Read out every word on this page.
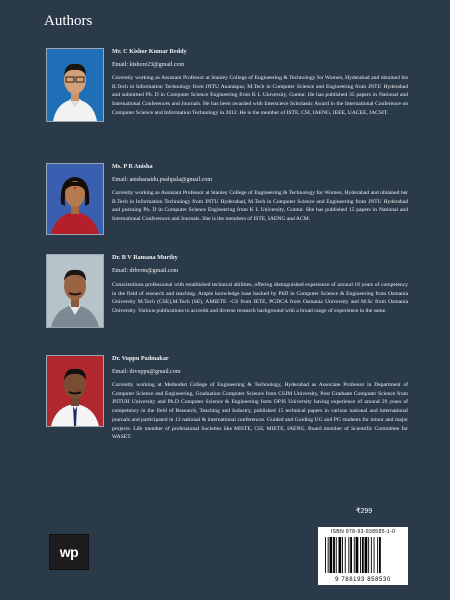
Authors
Mr. C Kishor Kumar Reddy
Email: kishore23@gmail.com

Currently working as Assistant Professor at Stanley College of Engineering & Technology for Women, Hyderabad and obtained his B.Tech in Information Technology from JNTU Anantapur, M.Tech in Computer Science and Engineering from JNTU Hyderabad and submitted Ph. D in Computer Science Engineering from K L University, Guntur. He has published 35 papers in National and International Conferences and Journals. He has been awarded with Intersciece Scholastic Award in the International Conference on Computer Science and Information Technology in 2012. He is the member of ISTE, CSI, IAENG, IEEE, UACEE, IACSIT.

Ms. P R Anisha
Email: anishanaidu.pushpala@gmail.com

Currently working as Assistant Professor at Stanley College of Engineering & Technology for Women, Hyderabad and obtained her B.Tech in Information Technology from JNTU Hyderabad, M.Tech in Computer Science and Engineering from JNTU Hyderabad and pursuing Ph. D in Computer Science Engineering from K L University, Guntur. She has published 15 papers in National and International Conferences and Journals. She is the members of ISTE, IAENG and ACM.

Dr. B V Ramana Murthy
Email: drbvrm@gmail.com

Conscientious professional with established technical abilities, offering distinguished experience of around 18 years of competency in the field of research and teaching. Ample knowledge base backed by PhD in Computer Science & Engineering from Osmania University M.Tech (CSE),M.Tech (SE), AMIETE –CS from IETE, PGDCA from Osmania University and M.Sc from Osmania University. Various publications to accredit and diverse research background with a broad range of experience in the same.

Dr. Vuppu Padmakar
Email: drvuppu@gmail.com

Currently working at Methodist College of Engineering & Technology, Hyderabad as Associate Professor in Department of Computer Science and Engineering, Graduation Computer Science from CSJM University, Post Graduate Computer Science from JNTUH University and Ph.D Computer Science & Engineering form OPJS University having experience of around 20 years of competency in the field of Research, Teaching and Industry, published 15 technical papers in various national and international journals and participated in 13 national & international conferences. Guided and Guiding UG and PG students for minor and major projects. Life member of professional Societies like MISTE, CSI, MIETE, IAENG, Board member of Scientific Committee for WASET.

₹299
ISBN 978-93-938585-1-0
9 788193 858530
wp
